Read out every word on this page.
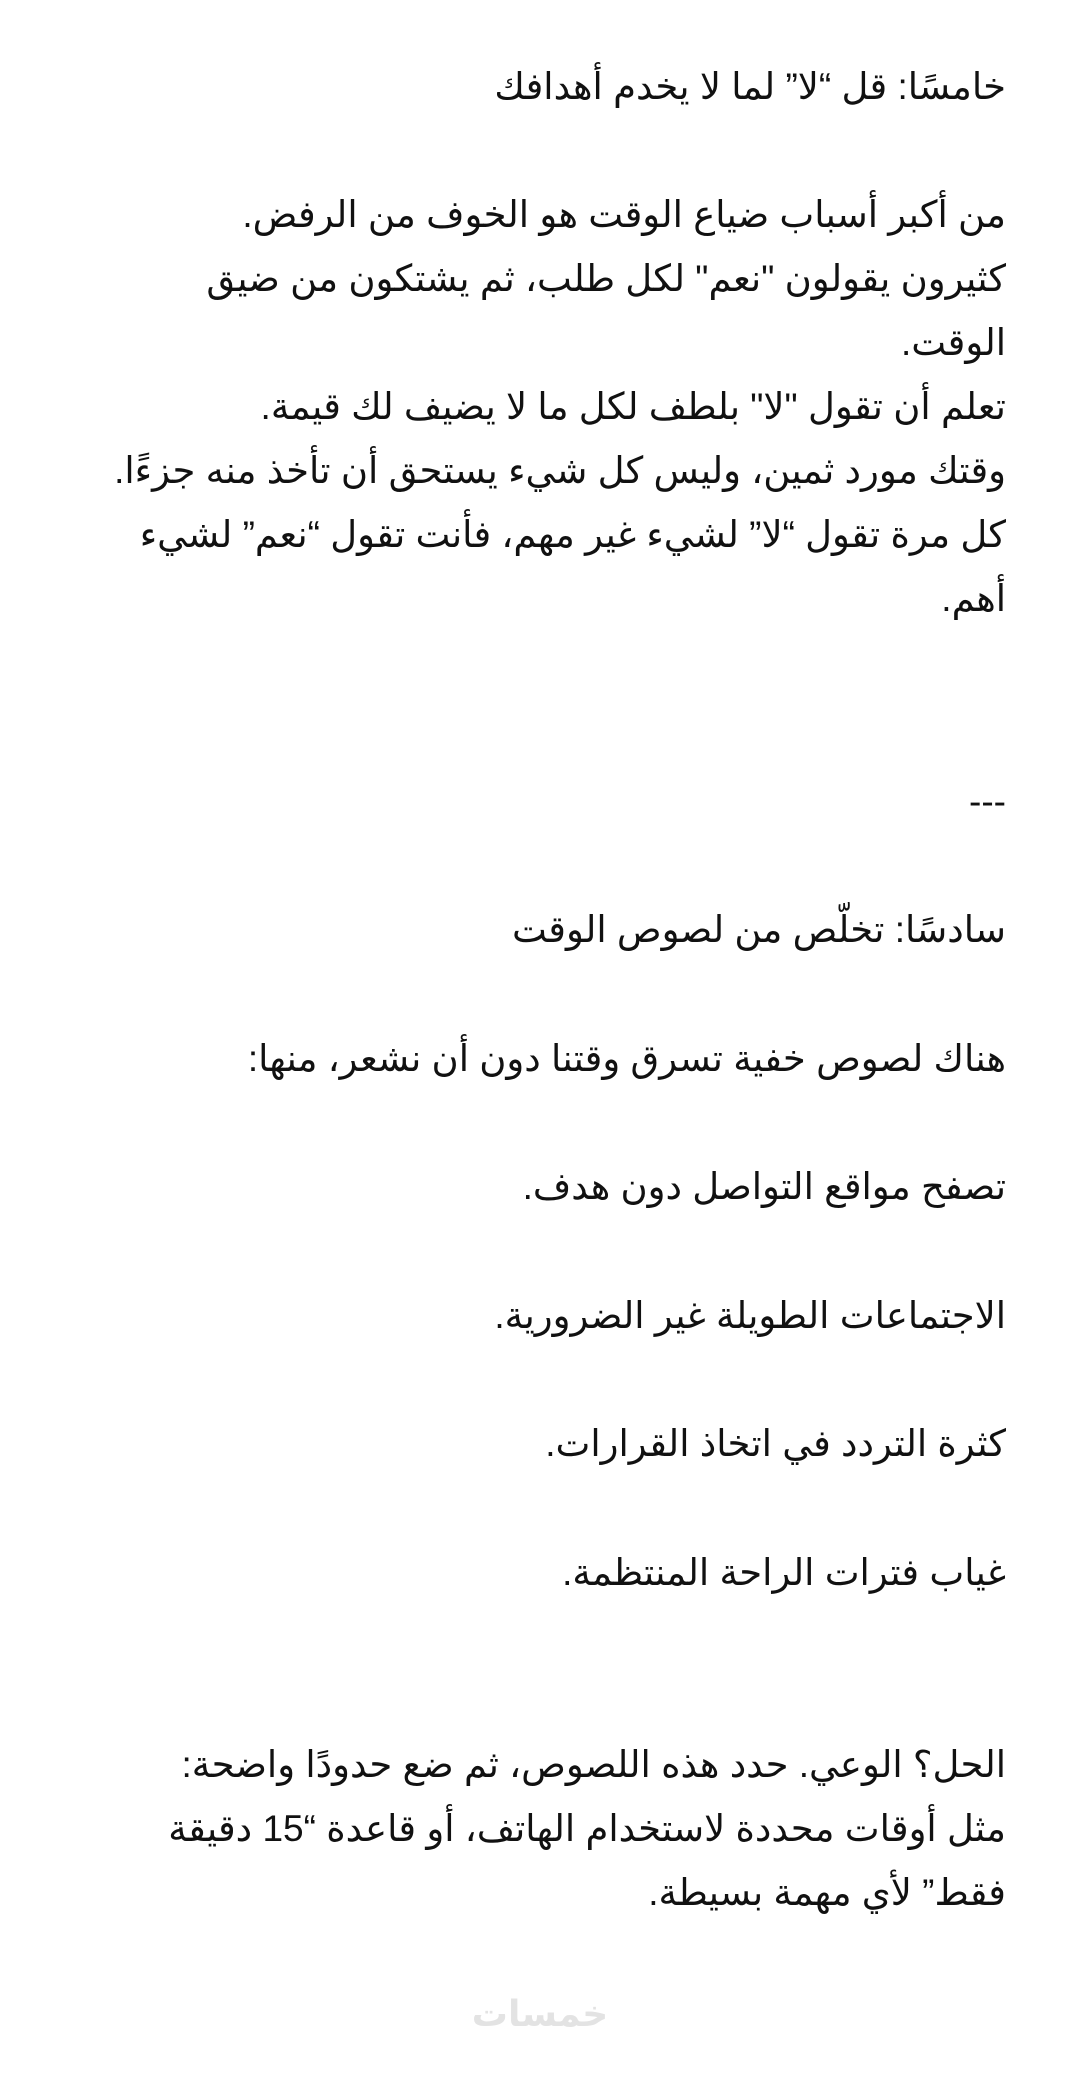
خامسًا: قل “لا” لما لا يخدم أهدافك
من أكبر أسباب ضياع الوقت هو الخوف من الرفض.
كثيرون يقولون "نعم" لكل طلب، ثم يشتكون من ضيق
الوقت.
تعلم أن تقول "لا" بلطف لكل ما لا يضيف لك قيمة.
وقتك مورد ثمين، وليس كل شيء يستحق أن تأخذ منه جزءًا.
كل مرة تقول “لا” لشيء غير مهم، فأنت تقول “نعم” لشيء
أهم.
---
سادسًا: تخلّص من لصوص الوقت
هناك لصوص خفية تسرق وقتنا دون أن نشعر، منها:
تصفح مواقع التواصل دون هدف.
الاجتماعات الطويلة غير الضرورية.
كثرة التردد في اتخاذ القرارات.
غياب فترات الراحة المنتظمة.
الحل؟ الوعي. حدد هذه اللصوص، ثم ضع حدودًا واضحة:
مثل أوقات محددة لاستخدام الهاتف، أو قاعدة “15 دقيقة
فقط” لأي مهمة بسيطة.
خمسات
